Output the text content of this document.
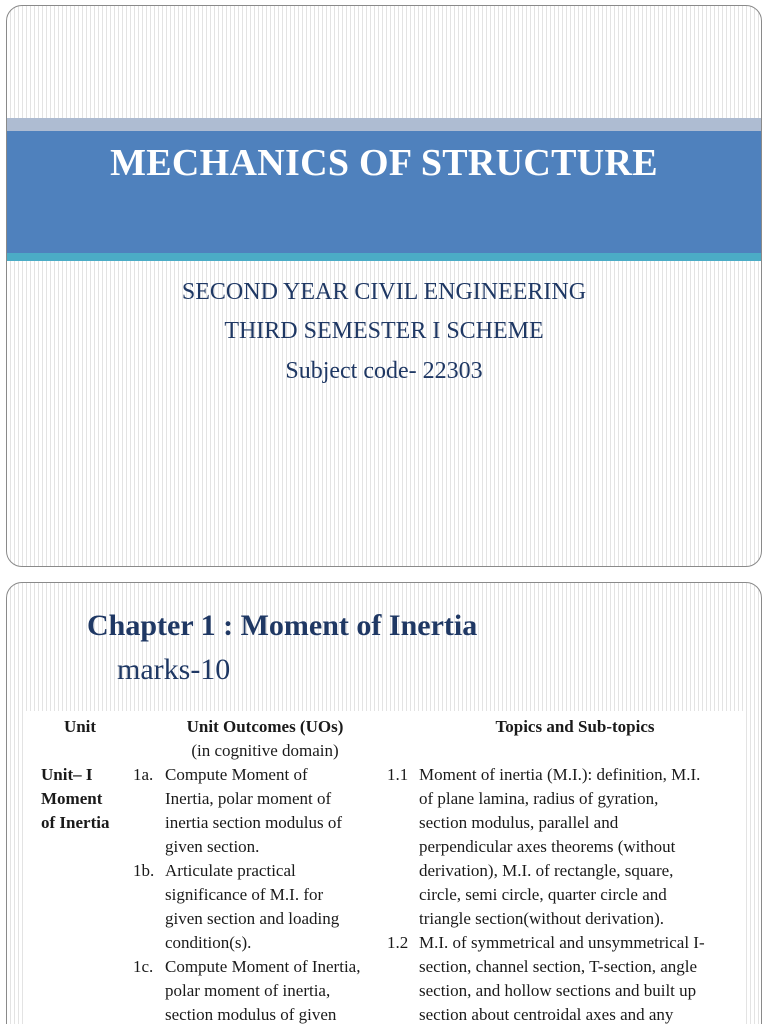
MECHANICS OF STRUCTURE
SECOND YEAR CIVIL ENGINEERING
THIRD SEMESTER I SCHEME
Subject code- 22303
Chapter 1 : Moment of Inertia
marks-10
Unit	Unit Outcomes (UOs)
(in cognitive domain)
Topics and Sub-topics
Unit– I
Moment
of Inertia
1a. Compute Moment of
Inertia, polar moment of
inertia section modulus of
given section.
1b. Articulate practical
significance of M.I. for
given section and loading
condition(s).
1c. Compute Moment of Inertia,
polar moment of inertia,
section modulus of given
1.1 Moment of inertia (M.I.): definition, M.I.
of plane lamina, radius of gyration,
section modulus, parallel and
perpendicular axes theorems (without
derivation), M.I. of rectangle, square,
circle, semi circle, quarter circle and
triangle section(without derivation).
1.2 M.I. of symmetrical and unsymmetrical I-
section, channel section, T-section, angle
section, and hollow sections and built up
section about centroidal axes and any
